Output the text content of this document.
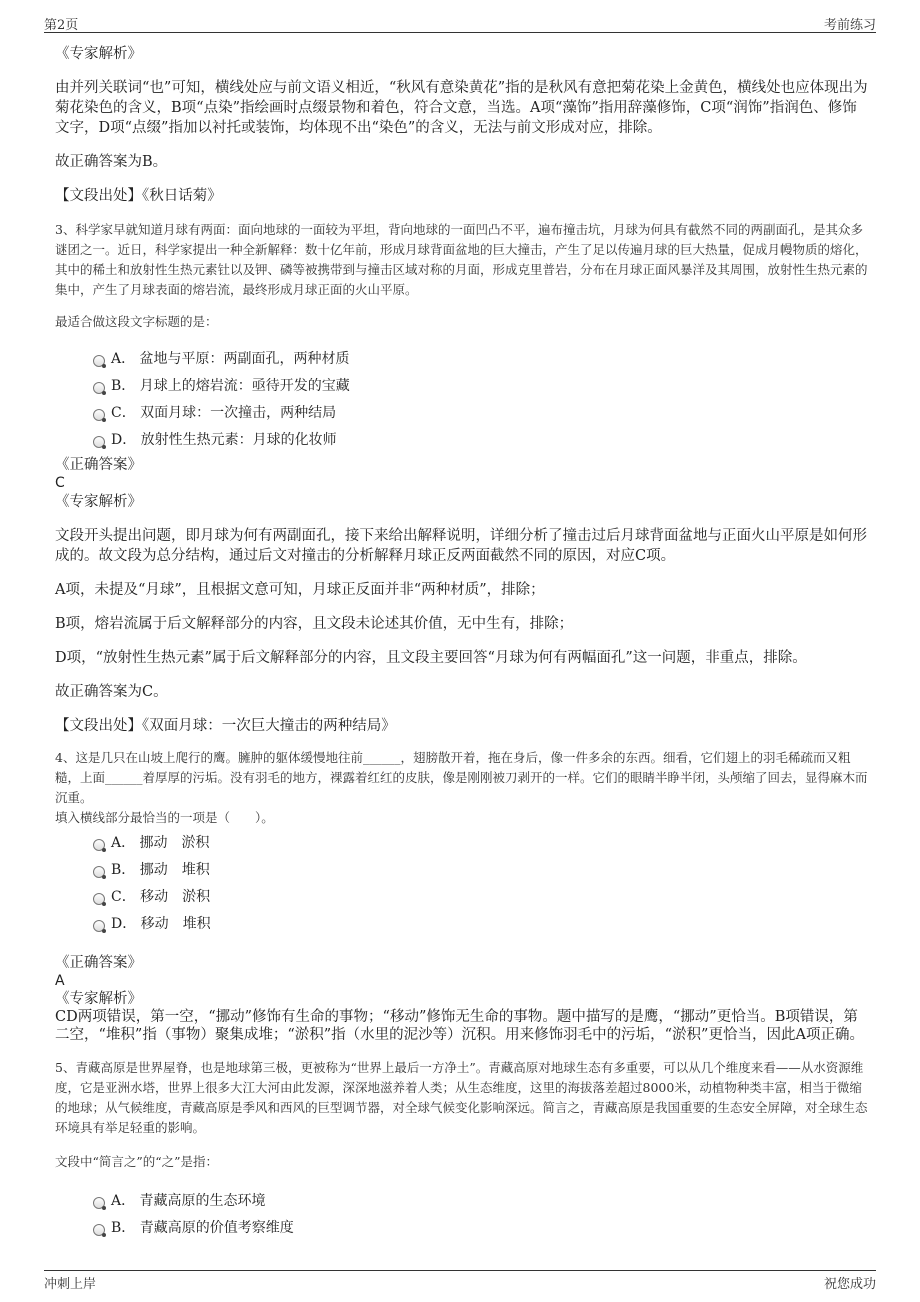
第2页	考前练习
《专家解析》
由并列关联词“也”可知，横线处应与前文语义相近，“秋风有意染黄花”指的是秋风有意把菊花染上金黄色，横线处也应体现出为菊花染色的含义，B项“点染”指绘画时点缀景物和着色，符合文意，当选。A项“藻饰”指用辞藻修饰，C项“润饰”指润色、修饰文字，D项“点缀”指加以衬托或装饰，均体现不出“染色”的含义，无法与前文形成对应，排除。
故正确答案为B。
【文段出处】《秋日话菊》
3、科学家早就知道月球有两面：面向地球的一面较为平坦，背向地球的一面凹凸不平，遍布撞击坑，月球为何具有截然不同的两副面孔，是其众多谜团之一。近日，科学家提出一种全新解释：数十亿年前，形成月球背面盆地的巨大撞击，产生了足以传遍月球的巨大热量，促成月幔物质的熔化，其中的稀土和放射性生热元素钍以及钾、磷等被携带到与撞击区域对称的月面，形成克里普岩，分布在月球正面风暴洋及其周围，放射性生热元素的集中，产生了月球表面的熔岩流，最终形成月球正面的火山平原。
最适合做这段文字标题的是：
A． 盆地与平原：两副面孔，两种材质
B． 月球上的熔岩流：亟待开发的宝藏
C． 双面月球：一次撞击，两种结局
D． 放射性生热元素：月球的化妆师
《正确答案》
C
《专家解析》
文段开头提出问题，即月球为何有两副面孔，接下来给出解释说明，详细分析了撞击过后月球背面盆地与正面火山平原是如何形成的。故文段为总分结构，通过后文对撞击的分析解释月球正反两面截然不同的原因，对应C项。
A项，未提及“月球”，且根据文意可知，月球正反面并非“两种材质”，排除；
B项，熔岩流属于后文解释部分的内容，且文段未论述其价值，无中生有，排除；
D项，“放射性生热元素”属于后文解释部分的内容，且文段主要回答“月球为何有两幅面孔”这一问题，非重点，排除。
故正确答案为C。
【文段出处】《双面月球：一次巨大撞击的两种结局》
4、这是几只在山坡上爬行的鹰。臃肿的躯体缓慢地往前______，翅膀散开着，拖在身后，像一件多余的东西。细看，它们翅上的羽毛稀疏而又粗糙，上面______着厚厚的污垢。没有羽毛的地方，裸露着红红的皮肤，像是刚刚被刀剥开的一样。它们的眼睛半睁半闭，头颅缩了回去，显得麻木而沉重。
填入横线部分最恰当的一项是（　　）。
A． 挪动　淤积
B． 挪动　堆积
C． 移动　淤积
D． 移动　堆积
《正确答案》
A
《专家解析》
CD两项错误，第一空，“挪动”修饰有生命的事物；“移动”修饰无生命的事物。题中描写的是鹰，“挪动”更恰当。B项错误，第二空，“堆积”指（事物）聚集成堆；“淤积”指（水里的泥沙等）沉积。用来修饰羽毛中的污垢，“淤积”更恰当，因此A项正确。
5、青藏高原是世界屋脊，也是地球第三极，更被称为“世界上最后一方净土”。青藏高原对地球生态有多重要，可以从几个维度来看——从水资源维度，它是亚洲水塔，世界上很多大江大河由此发源，深深地滋养着人类；从生态维度，这里的海拔落差超过8000米，动植物种类丰富，相当于微缩的地球；从气候维度，青藏高原是季风和西风的巨型调节器，对全球气候变化影响深远。简言之，青藏高原是我国重要的生态安全屏障，对全球生态环境具有举足轻重的影响。
文段中“简言之”的“之”是指：
A． 青藏高原的生态环境
B． 青藏高原的价值考察维度
冲刺上岸	祝您成功
